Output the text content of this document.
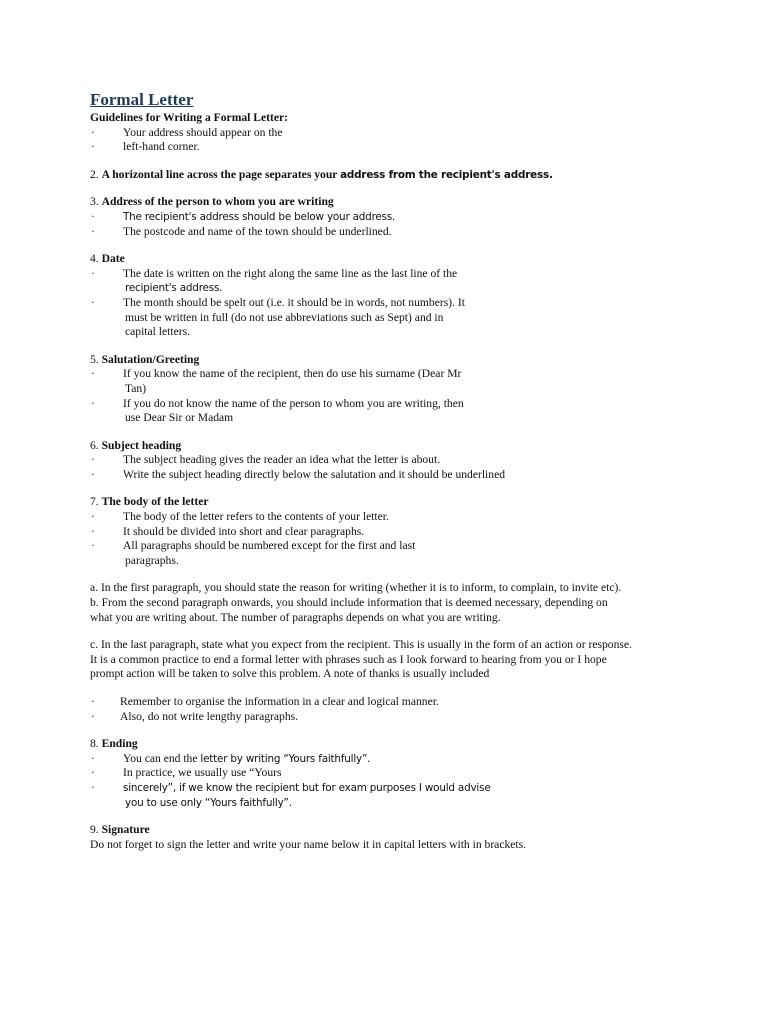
Formal Letter

Guidelines for Writing a Formal Letter:

·	Your address should appear on the

·	left-hand corner.

2. A horizontal line across the page separates your address from the recipient's address.

3. Address of the person to whom you are writing

·	The recipient's address should be below your address.

·	The postcode and name of the town should be underlined.

4. Date

·	The date is written on the right along the same line as the last line of the

recipient's address.

·	The month should be spelt out (i.e. it should be in words, not numbers). It

must be written in full (do not use abbreviations such as Sept) and in

capital letters.

5. Salutation/Greeting

·	If you know the name of the recipient, then do use his surname (Dear Mr

Tan)

·	If you do not know the name of the person to whom you are writing, then

use Dear Sir or Madam

6. Subject heading

·	The subject heading gives the reader an idea what the letter is about.

·	Write the subject heading directly below the salutation and it should be underlined

7. The body of the letter

·	The body of the letter refers to the contents of your letter.

·	It should be divided into short and clear paragraphs.

·	All paragraphs should be numbered except for the first and last

paragraphs.

a. In the first paragraph, you should state the reason for writing (whether it is to inform, to complain, to invite etc).

b. From the second paragraph onwards, you should include information that is deemed necessary, depending on

what you are writing about. The number of paragraphs depends on what you are writing.

c. In the last paragraph, state what you expect from the recipient. This is usually in the form of an action or response.

It is a common practice to end a formal letter with phrases such as I look forward to hearing from you or I hope

prompt action will be taken to solve this problem. A note of thanks is usually included

· Remember to organise the information in a clear and logical manner.

· Also, do not write lengthy paragraphs.

8. Ending

·	You can end the letter by writing “Yours faithfully”.

·	In practice, we usually use “Yours

·	sincerely”, if we know the recipient but for exam purposes I would advise

you to use only “Yours faithfully”.

9. Signature

Do not forget to sign the letter and write your name below it in capital letters with in brackets.
